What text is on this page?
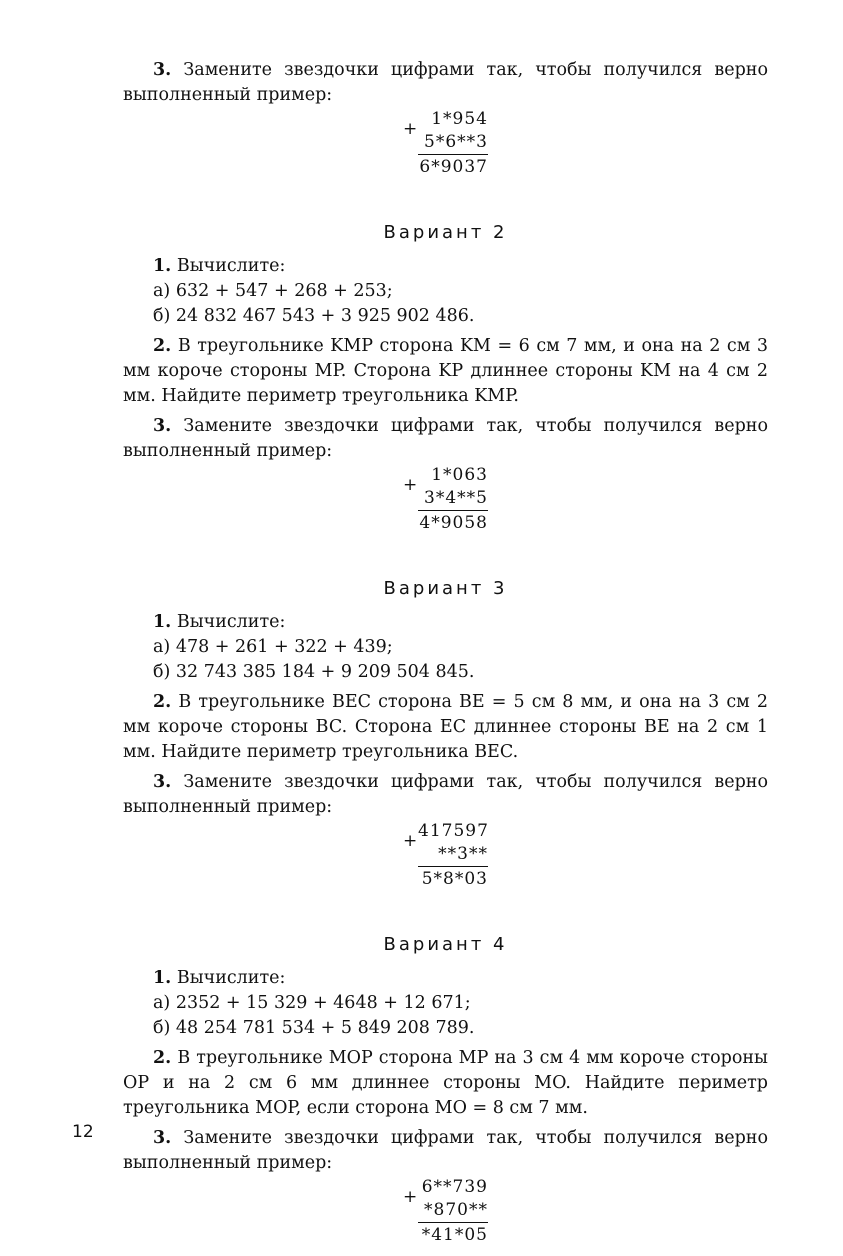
3. Замените звездочки цифрами так, чтобы получился верно выполненный пример:

+ 1*954
5*6**3
6*9037
Вариант 2

1. Вычислите:

а) 632 + 547 + 268 + 253;

б) 24 832 467 543 + 3 925 902 486.

2. В треугольнике KMP сторона KM = 6 см 7 мм, и она на 2 см 3 мм короче стороны MP. Сторона KP длиннее стороны KM на 4 см 2 мм. Найдите периметр треугольника KMP.

3. Замените звездочки цифрами так, чтобы получился верно выполненный пример:

+ 1*063
3*4**5
4*9058
Вариант 3

1. Вычислите:

а) 478 + 261 + 322 + 439;

б) 32 743 385 184 + 9 209 504 845.

2. В треугольнике BEC сторона BE = 5 см 8 мм, и она на 3 см 2 мм короче стороны BC. Сторона EC длиннее стороны BE на 2 см 1 мм. Найдите периметр треугольника BEC.

3. Замените звездочки цифрами так, чтобы получился верно выполненный пример:

+ 417597
**3**
5*8*03
Вариант 4

1. Вычислите:

а) 2352 + 15 329 + 4648 + 12 671;

б) 48 254 781 534 + 5 849 208 789.

2. В треугольнике MOP сторона MP на 3 см 4 мм короче стороны OP и на 2 см 6 мм длиннее стороны MO. Найдите периметр треугольника MOP, если сторона MO = 8 см 7 мм.

3. Замените звездочки цифрами так, чтобы получился верно выполненный пример:

+ 6**739
*870**
*41*05
12
